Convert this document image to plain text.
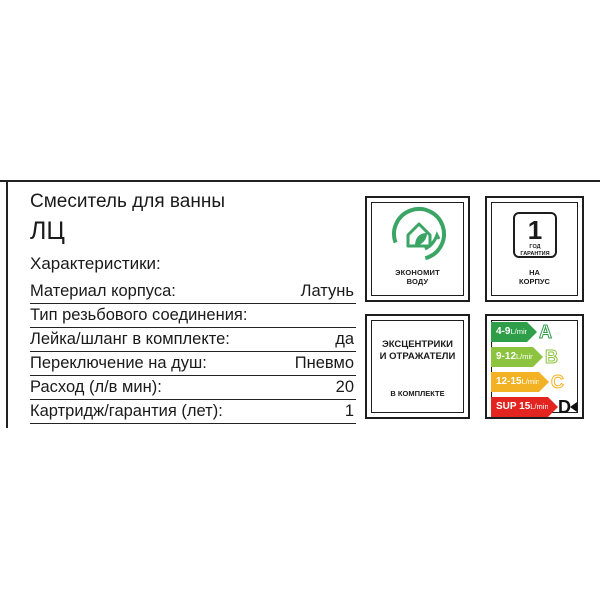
Смеситель для ванны
ЛЦ
Характеристики:
Материал корпуса:	Латунь
Тип резьбового соединения:
Лейка/шланг в комплекте:	да
Переключение на душ:	Пневмо
Расход (л/в мин):	20
Картридж/гарантия (лет):	1
ЭКОНОМИТ
ВОДУ
1
ГОД
ГАРАНТИЯ
НА
КОРПУС
ЭКСЦЕНТРИКИ
И ОТРАЖАТЕЛИ
В КОМПЛЕКТЕ
4-9L/min A
9-12L/min B
12-15L/min C
SUP 15L/min D
